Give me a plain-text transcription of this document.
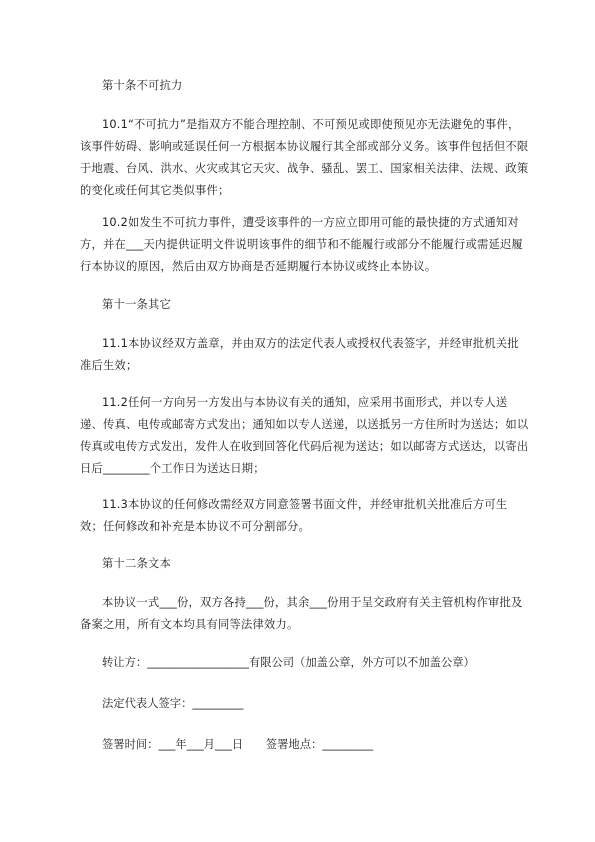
第十条不可抗力

10.1“不可抗力”是指双方不能合理控制、不可预见或即使预见亦无法避免的事件，该事件妨碍、影响或延误任何一方根据本协议履行其全部或部分义务。该事件包括但不限于地震、台风、洪水、火灾或其它天灾、战争、骚乱、罢工、国家相关法律、法规、政策的变化或任何其它类似事件；

10.2如发生不可抗力事件，遭受该事件的一方应立即用可能的最快捷的方式通知对方，并在___天内提供证明文件说明该事件的细节和不能履行或部分不能履行或需延迟履行本协议的原因，然后由双方协商是否延期履行本协议或终止本协议。

第十一条其它

11.1本协议经双方盖章，并由双方的法定代表人或授权代表签字，并经审批机关批准后生效；

11.2任何一方向另一方发出与本协议有关的通知，应采用书面形式，并以专人送递、传真、电传或邮寄方式发出；通知如以专人送递，以送抵另一方住所时为送达；如以传真或电传方式发出，发件人在收到回答化代码后视为送达；如以邮寄方式送达，以寄出日后________个工作日为送达日期；

11.3本协议的任何修改需经双方同意签署书面文件，并经审批机关批准后方可生效；任何修改和补充是本协议不可分割部分。

第十二条文本

本协议一式___份，双方各持___份，其余___份用于呈交政府有关主管机构作审批及备案之用，所有文本均具有同等法律效力。

转让方：__________________有限公司（加盖公章，外方可以不加盖公章）

法定代表人签字：_________

签署时间：___年___月___日　　签署地点：_________
